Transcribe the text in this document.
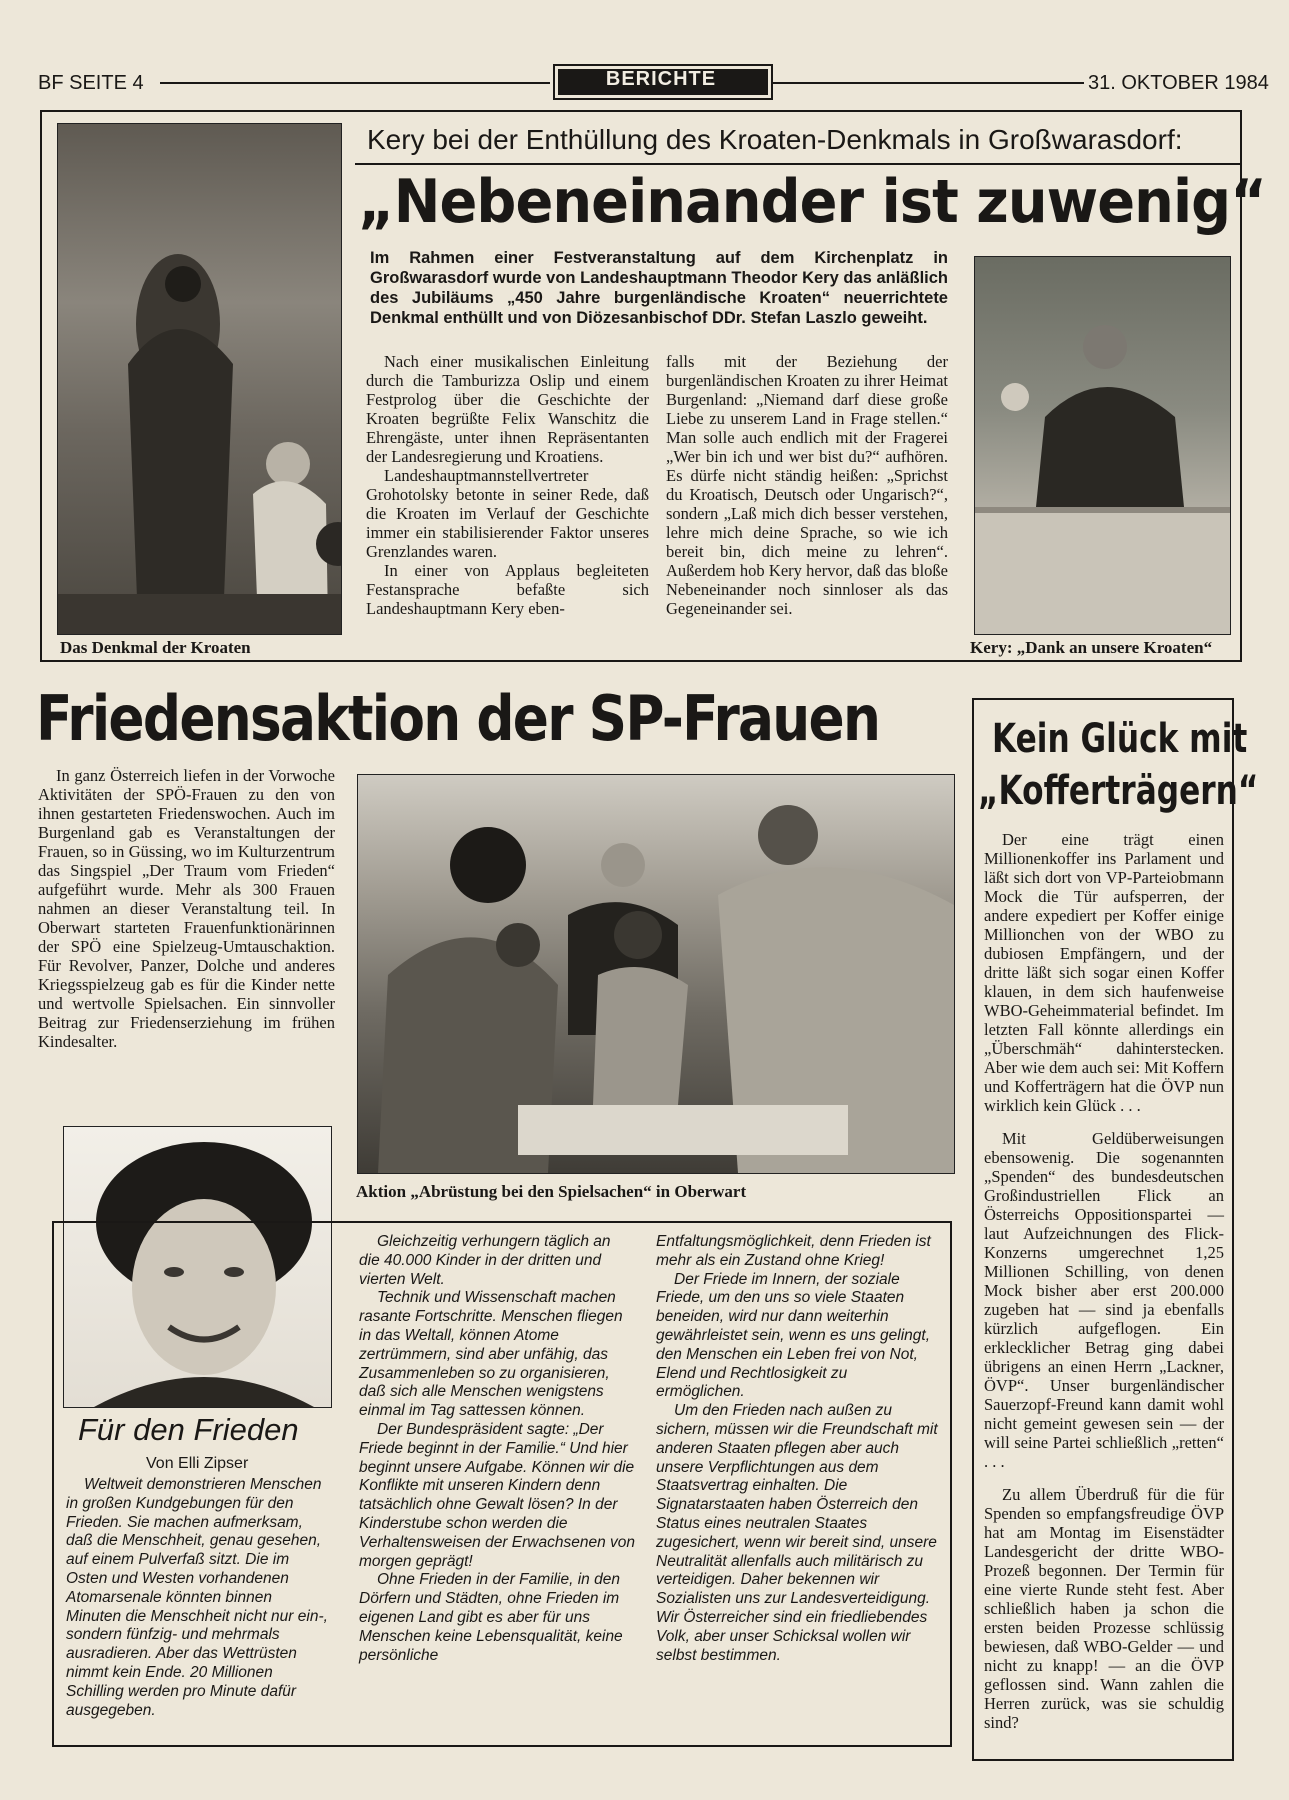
BF SEITE 4	BERICHTE	31. OKTOBER 1984
Das Denkmal der Kroaten
Kery bei der Enthüllung des Kroaten-Denkmals in Großwarasdorf:
„Nebeneinander ist zuwenig“
Im Rahmen einer Festveranstaltung auf dem Kirchenplatz in Großwarasdorf wurde von Landeshauptmann Theodor Kery das anläßlich des Jubiläums „450 Jahre burgenländische Kroaten“ neuerrichtete Denkmal enthüllt und von Diözesanbischof DDr. Stefan Laszlo geweiht.

Nach einer musikalischen Einleitung durch die Tamburizza Oslip und einem Festprolog über die Geschichte der Kroaten begrüßte Felix Wanschitz die Ehrengäste, unter ihnen Repräsentanten der Landesregierung und Kroatiens.

Landeshauptmannstellvertreter Grohotolsky betonte in seiner Rede, daß die Kroaten im Verlauf der Geschichte immer ein stabilisierender Faktor unseres Grenzlandes waren.

In einer von Applaus begleiteten Festansprache befaßte sich Landeshauptmann Kery eben-

falls mit der Beziehung der burgenländischen Kroaten zu ihrer Heimat Burgenland: „Niemand darf diese große Liebe zu unserem Land in Frage stellen.“ Man solle auch endlich mit der Fragerei „Wer bin ich und wer bist du?“ aufhören. Es dürfe nicht ständig heißen: „Sprichst du Kroatisch, Deutsch oder Ungarisch?“, sondern „Laß mich dich besser verstehen, lehre mich deine Sprache, so wie ich bereit bin, dich meine zu lehren“. Außerdem hob Kery hervor, daß das bloße Nebeneinander noch sinnloser als das Gegeneinander sei.

Kery: „Dank an unsere Kroaten“
Friedensaktion der SP-Frauen

In ganz Österreich liefen in der Vorwoche Aktivitäten der SPÖ-Frauen zu den von ihnen gestarteten Friedenswochen. Auch im Burgenland gab es Veranstaltungen der Frauen, so in Güssing, wo im Kulturzentrum das Singspiel „Der Traum vom Frieden“ aufgeführt wurde. Mehr als 300 Frauen nahmen an dieser Veranstaltung teil. In Oberwart starteten Frauenfunktionärinnen der SPÖ eine Spielzeug-Umtauschaktion. Für Revolver, Panzer, Dolche und anderes Kriegsspielzeug gab es für die Kinder nette und wertvolle Spielsachen. Ein sinnvoller Beitrag zur Friedenserziehung im frühen Kindesalter.

Aktion „Abrüstung bei den Spielsachen“ in Oberwart
Für den Frieden
Von Elli Zipser

Weltweit demonstrieren Menschen in großen Kundgebungen für den Frieden. Sie machen aufmerksam, daß die Menschheit, genau gesehen, auf einem Pulverfaß sitzt. Die im Osten und Westen vorhandenen Atomarsenale könnten binnen Minuten die Menschheit nicht nur ein-, sondern fünfzig- und mehrmals ausradieren. Aber das Wettrüsten nimmt kein Ende. 20 Millionen Schilling werden pro Minute dafür ausgegeben.

Gleichzeitig verhungern täglich an die 40.000 Kinder in der dritten und vierten Welt.

Technik und Wissenschaft machen rasante Fortschritte. Menschen fliegen in das Weltall, können Atome zertrümmern, sind aber unfähig, das Zusammenleben so zu organisieren, daß sich alle Menschen wenigstens einmal im Tag sattessen können.

Der Bundespräsident sagte: „Der Friede beginnt in der Familie.“ Und hier beginnt unsere Aufgabe. Können wir die Konflikte mit unseren Kindern denn tatsächlich ohne Gewalt lösen? In der Kinderstube schon werden die Verhaltensweisen der Erwachsenen von morgen geprägt!

Ohne Frieden in der Familie, in den Dörfern und Städten, ohne Frieden im eigenen Land gibt es aber für uns Menschen keine Lebensqualität, keine persönliche

Entfaltungsmöglichkeit, denn Frieden ist mehr als ein Zustand ohne Krieg!

Der Friede im Innern, der soziale Friede, um den uns so viele Staaten beneiden, wird nur dann weiterhin gewährleistet sein, wenn es uns gelingt, den Menschen ein Leben frei von Not, Elend und Rechtlosigkeit zu ermöglichen.

Um den Frieden nach außen zu sichern, müssen wir die Freundschaft mit anderen Staaten pflegen aber auch unsere Verpflichtungen aus dem Staatsvertrag einhalten. Die Signatarstaaten haben Österreich den Status eines neutralen Staates zugesichert, wenn wir bereit sind, unsere Neutralität allenfalls auch militärisch zu verteidigen. Daher bekennen wir Sozialisten uns zur Landesverteidigung. Wir Österreicher sind ein friedliebendes Volk, aber unser Schicksal wollen wir selbst bestimmen.

Kein Glück mit
„Kofferträgern“

Der eine trägt einen Millionenkoffer ins Parlament und läßt sich dort von VP-Parteiobmann Mock die Tür aufsperren, der andere expediert per Koffer einige Millionchen von der WBO zu dubiosen Empfängern, und der dritte läßt sich sogar einen Koffer klauen, in dem sich haufenweise WBO-Geheimmaterial befindet. Im letzten Fall könnte allerdings ein „Überschmäh“ dahinterstecken. Aber wie dem auch sei: Mit Koffern und Kofferträgern hat die ÖVP nun wirklich kein Glück . . .

Mit Geldüberweisungen ebensowenig. Die sogenannten „Spenden“ des bundesdeutschen Großindustriellen Flick an Österreichs Oppositionspartei — laut Aufzeichnungen des Flick-Konzerns umgerechnet 1,25 Millionen Schilling, von denen Mock bisher aber erst 200.000 zugeben hat — sind ja ebenfalls kürzlich aufgeflogen. Ein erklecklicher Betrag ging dabei übrigens an einen Herrn „Lackner, ÖVP“. Unser burgenländischer Sauerzopf-Freund kann damit wohl nicht gemeint gewesen sein — der will seine Partei schließlich „retten“ . . .

Zu allem Überdruß für die für Spenden so empfangsfreudige ÖVP hat am Montag im Eisenstädter Landesgericht der dritte WBO-Prozeß begonnen. Der Termin für eine vierte Runde steht fest. Aber schließlich haben ja schon die ersten beiden Prozesse schlüssig bewiesen, daß WBO-Gelder — und nicht zu knapp! — an die ÖVP geflossen sind. Wann zahlen die Herren zurück, was sie schuldig sind?
